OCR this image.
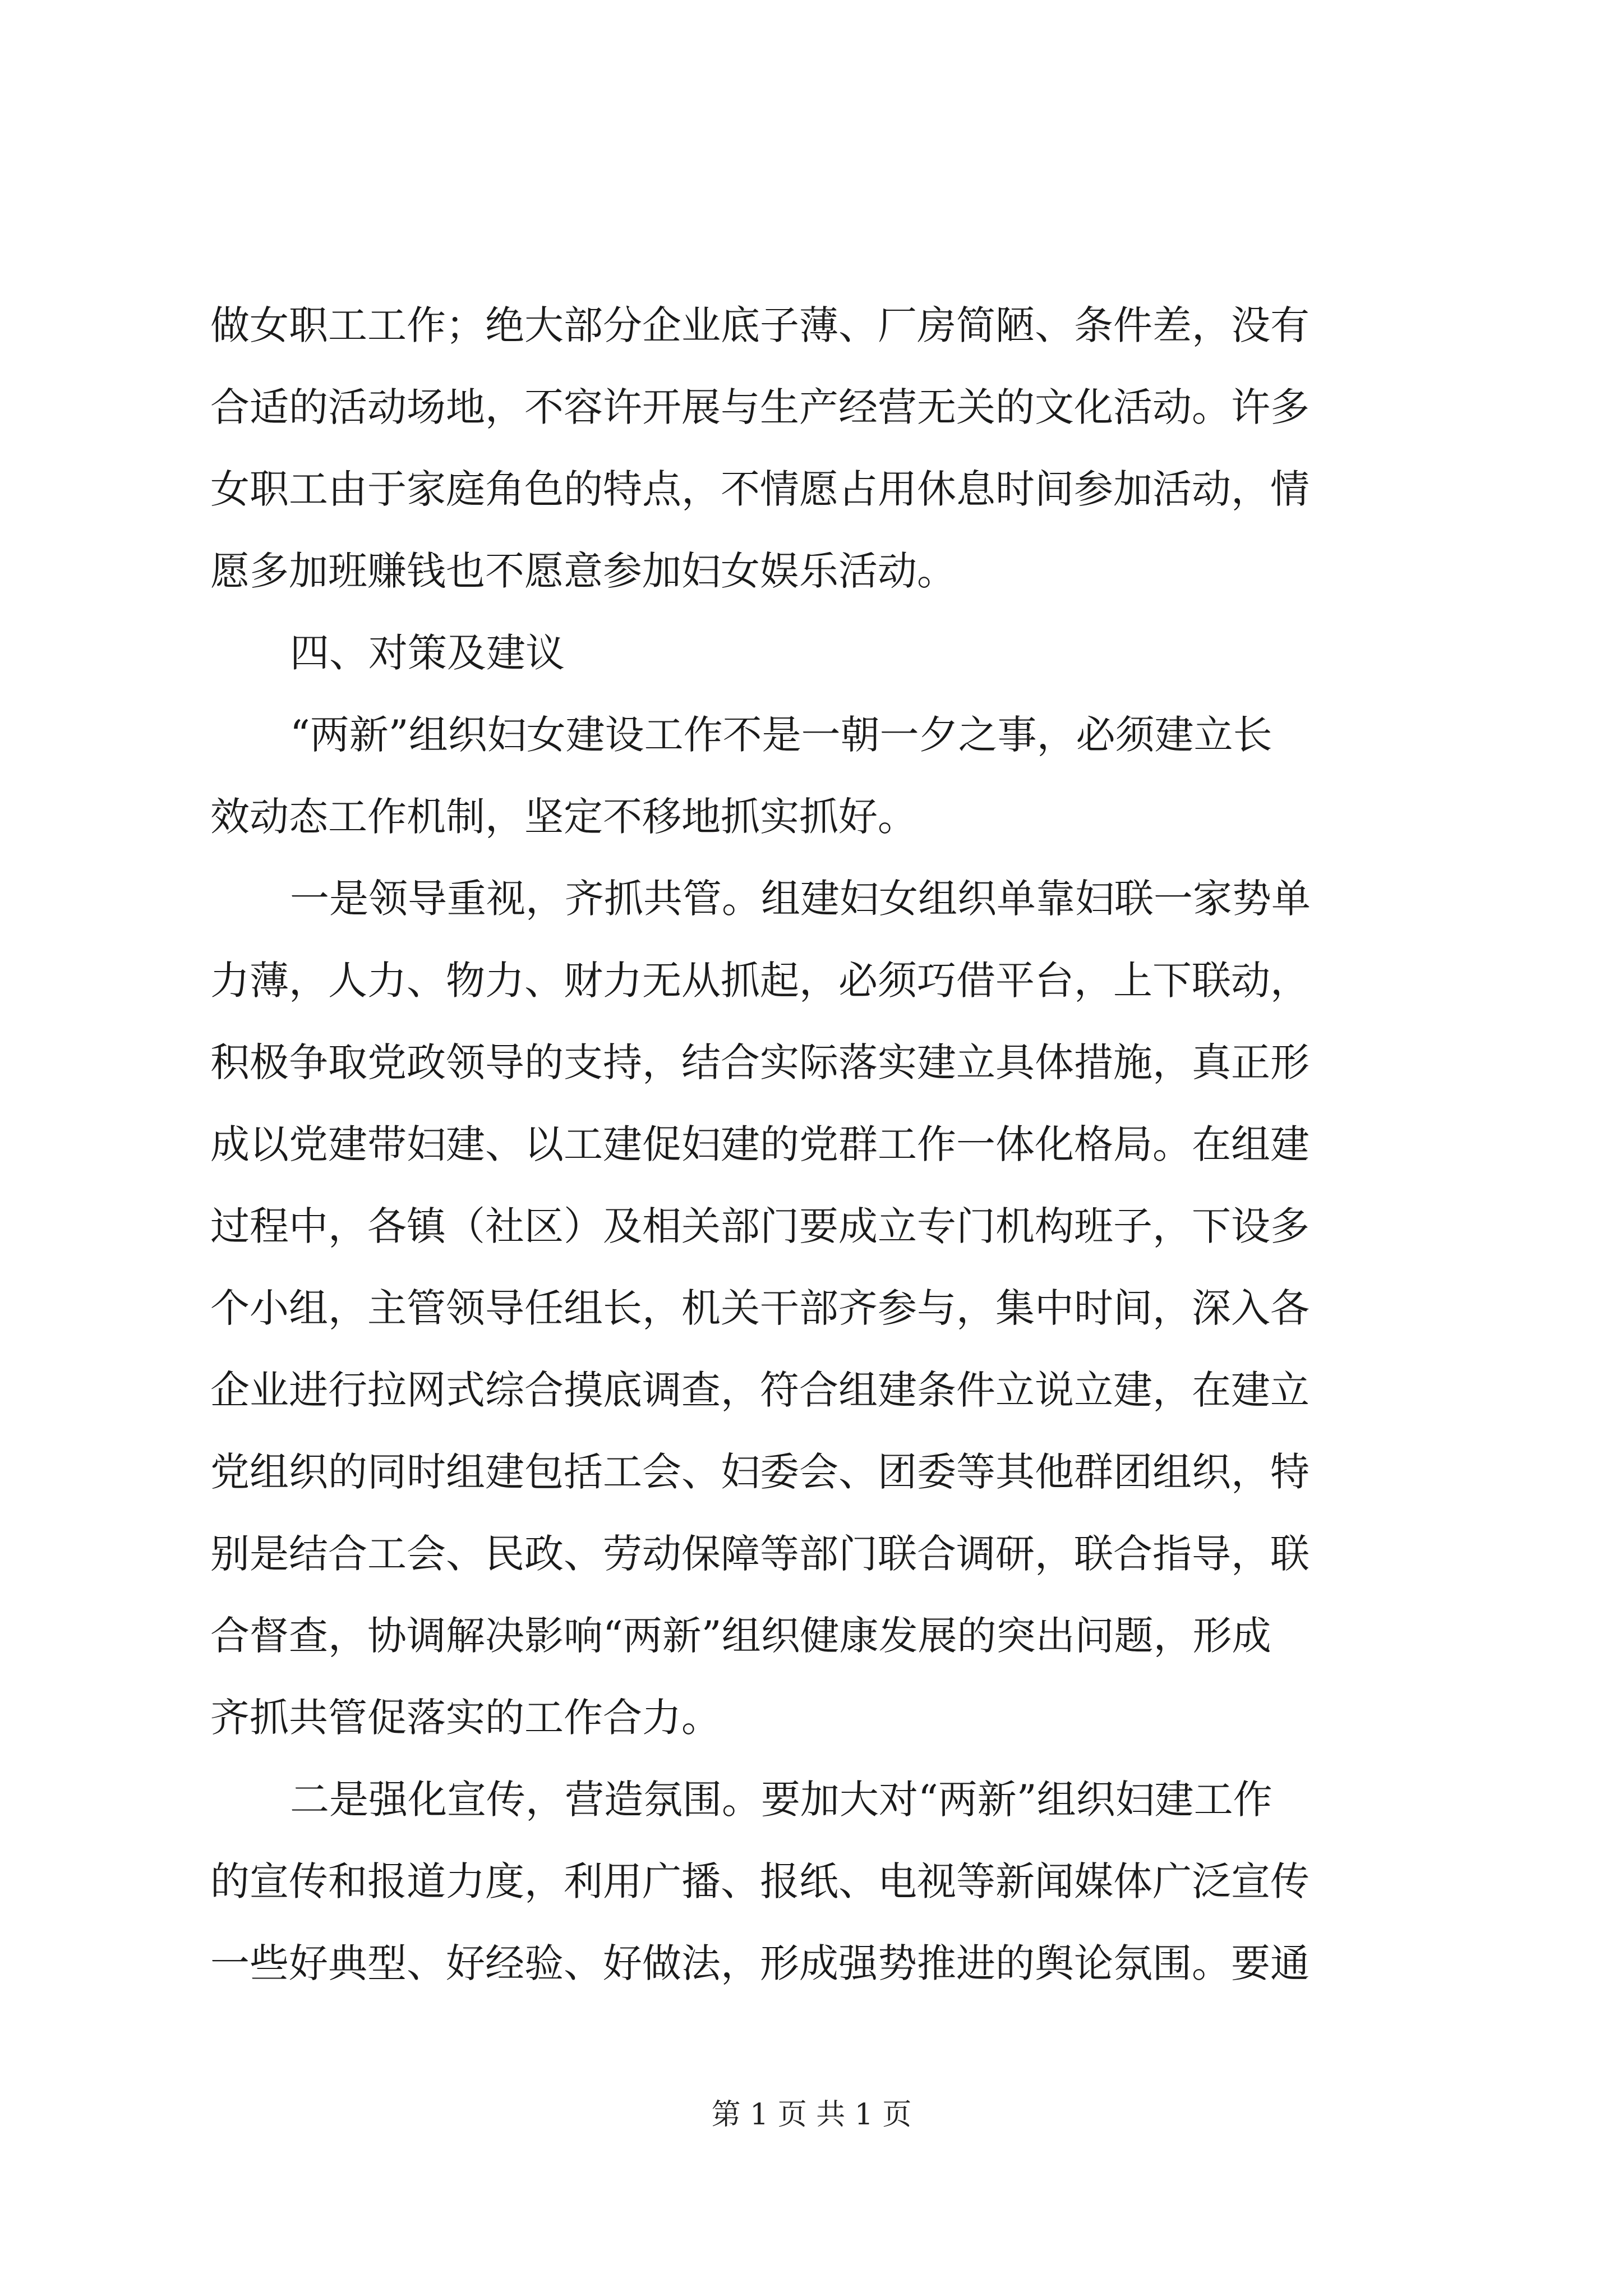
做女职工工作；绝大部分企业底子薄、厂房简陋、条件差，没有
合适的活动场地，不容许开展与生产经营无关的文化活动。许多
女职工由于家庭角色的特点，不情愿占用休息时间参加活动，情
愿多加班赚钱也不愿意参加妇女娱乐活动。
四、对策及建议
“两新”组织妇女建设工作不是一朝一夕之事，必须建立长
效动态工作机制，坚定不移地抓实抓好。
一是领导重视，齐抓共管。组建妇女组织单靠妇联一家势单
力薄，人力、物力、财力无从抓起，必须巧借平台，上下联动，
积极争取党政领导的支持，结合实际落实建立具体措施，真正形
成以党建带妇建、以工建促妇建的党群工作一体化格局。在组建
过程中，各镇（社区）及相关部门要成立专门机构班子，下设多
个小组，主管领导任组长，机关干部齐参与，集中时间，深入各
企业进行拉网式综合摸底调查，符合组建条件立说立建，在建立
党组织的同时组建包括工会、妇委会、团委等其他群团组织，特
别是结合工会、民政、劳动保障等部门联合调研，联合指导，联
合督查，协调解决影响“两新”组织健康发展的突出问题，形成
齐抓共管促落实的工作合力。
二是强化宣传，营造氛围。要加大对“两新”组织妇建工作
的宣传和报道力度，利用广播、报纸、电视等新闻媒体广泛宣传
一些好典型、好经验、好做法，形成强势推进的舆论氛围。要通
第 1 页 共 1 页
